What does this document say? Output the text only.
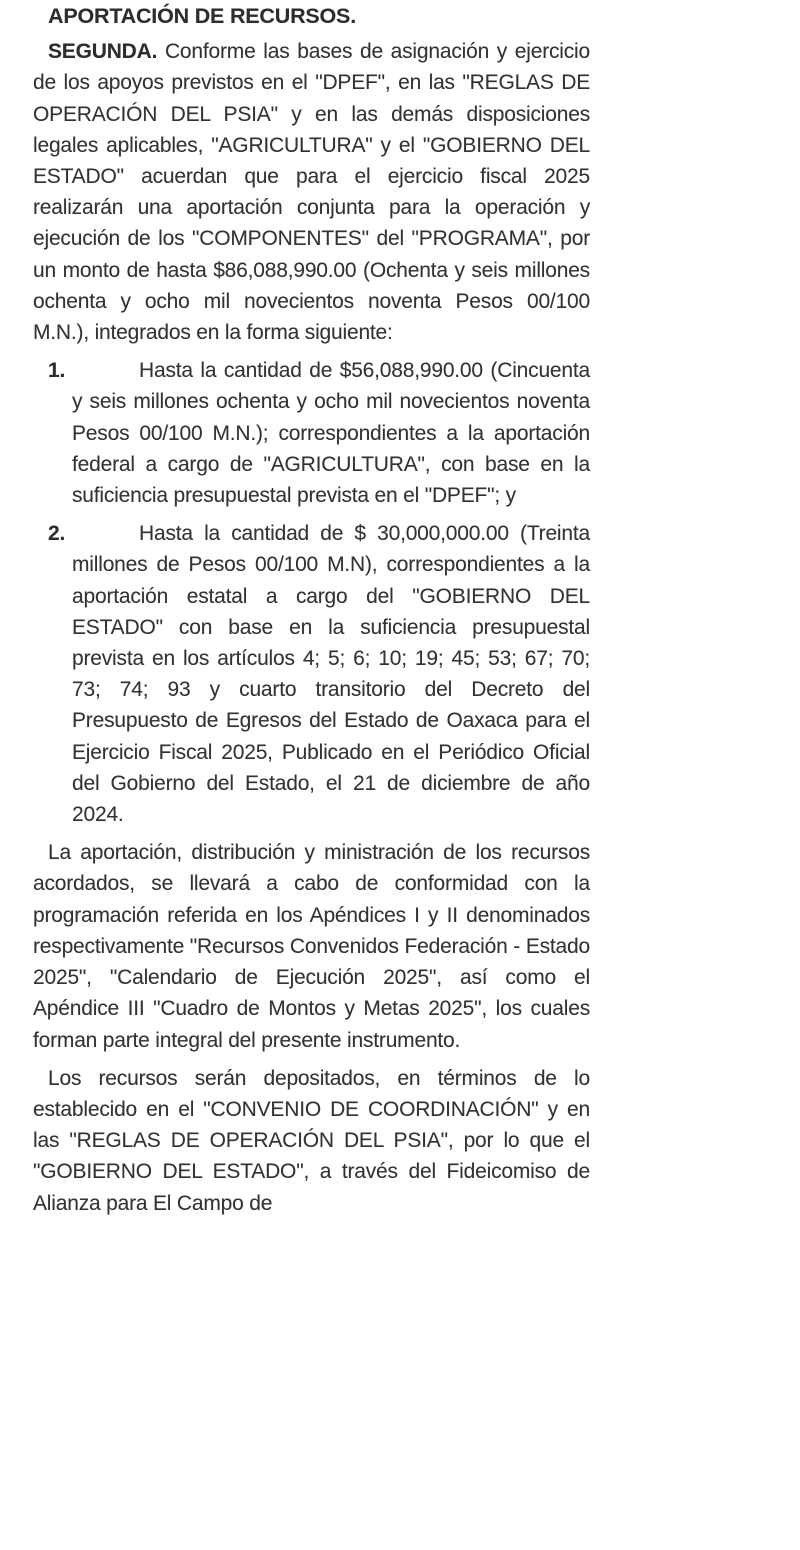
APORTACIÓN DE RECURSOS.

SEGUNDA. Conforme las bases de asignación y ejercicio de los apoyos previstos en el "DPEF", en las "REGLAS DE OPERACIÓN DEL PSIA" y en las demás disposiciones legales aplicables, "AGRICULTURA" y el "GOBIERNO DEL ESTADO" acuerdan que para el ejercicio fiscal 2025 realizarán una aportación conjunta para la operación y ejecución de los "COMPONENTES" del "PROGRAMA", por un monto de hasta $86,088,990.00 (Ochenta y seis millones ochenta y ocho mil novecientos noventa Pesos 00/100 M.N.), integrados en la forma siguiente:

1.	Hasta la cantidad de $56,088,990.00 (Cincuenta y seis millones ochenta y ocho mil novecientos noventa Pesos 00/100 M.N.); correspondientes a la aportación federal a cargo de "AGRICULTURA", con base en la suficiencia presupuestal prevista en el "DPEF"; y
2.	Hasta la cantidad de $ 30,000,000.00 (Treinta millones de Pesos 00/100 M.N), correspondientes a la aportación estatal a cargo del "GOBIERNO DEL ESTADO" con base en la suficiencia presupuestal prevista en los artículos 4; 5; 6; 10; 19; 45; 53; 67; 70; 73; 74; 93 y cuarto transitorio del Decreto del Presupuesto de Egresos del Estado de Oaxaca para el Ejercicio Fiscal 2025, Publicado en el Periódico Oficial del Gobierno del Estado, el 21 de diciembre de año 2024.

La aportación, distribución y ministración de los recursos acordados, se llevará a cabo de conformidad con la programación referida en los Apéndices I y II denominados respectivamente "Recursos Convenidos Federación - Estado 2025", "Calendario de Ejecución 2025", así como el Apéndice III "Cuadro de Montos y Metas 2025", los cuales forman parte integral del presente instrumento.

Los recursos serán depositados, en términos de lo establecido en el "CONVENIO DE COORDINACIÓN" y en las "REGLAS DE OPERACIÓN DEL PSIA", por lo que el "GOBIERNO DEL ESTADO", a través del Fideicomiso de Alianza para El Campo de
